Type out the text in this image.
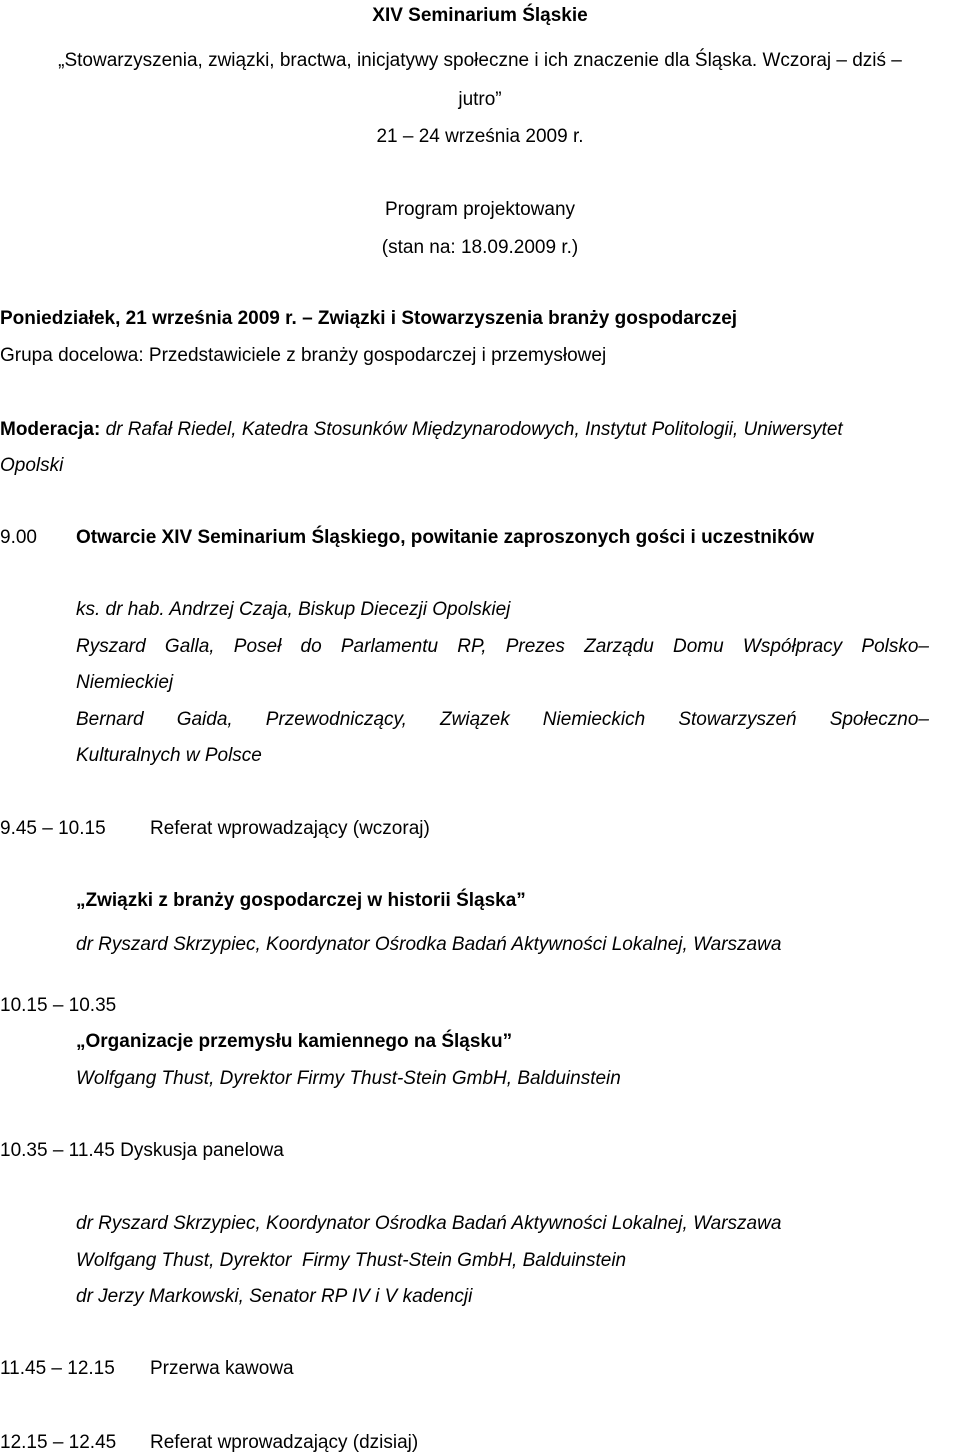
XIV Seminarium Śląskie
„Stowarzyszenia, związki, bractwa, inicjatywy społeczne i ich znaczenie dla Śląska. Wczoraj – dziś –
jutro”
21 – 24 września 2009 r.
Program projektowany
(stan na: 18.09.2009 r.)
Poniedziałek, 21 września 2009 r. – Związki i Stowarzyszenia branży gospodarczej
Grupa docelowa: Przedstawiciele z branży gospodarczej i przemysłowej
Moderacja: dr Rafał Riedel, Katedra Stosunków Międzynarodowych, Instytut Politologii, Uniwersytet
Opolski
9.00 Otwarcie XIV Seminarium Śląskiego, powitanie zaproszonych gości i uczestników
ks. dr hab. Andrzej Czaja, Biskup Diecezji Opolskiej
Ryszard Galla, Poseł do Parlamentu RP, Prezes Zarządu Domu Współpracy Polsko–
Niemieckiej
Bernard Gaida, Przewodniczący, Związek Niemieckich Stowarzyszeń Społeczno–
Kulturalnych w Polsce
9.45 – 10.15 Referat wprowadzający (wczoraj)
„Związki z branży gospodarczej w historii Śląska”
dr Ryszard Skrzypiec, Koordynator Ośrodka Badań Aktywności Lokalnej, Warszawa
10.15 – 10.35
„Organizacje przemysłu kamiennego na Śląsku”
Wolfgang Thust, Dyrektor Firmy Thust-Stein GmbH, Balduinstein
10.35 – 11.45 Dyskusja panelowa
dr Ryszard Skrzypiec, Koordynator Ośrodka Badań Aktywności Lokalnej, Warszawa
Wolfgang Thust, Dyrektor  Firmy Thust-Stein GmbH, Balduinstein
dr Jerzy Markowski, Senator RP IV i V kadencji
11.45 – 12.15 Przerwa kawowa
12.15 – 12.45 Referat wprowadzający (dzisiaj)
